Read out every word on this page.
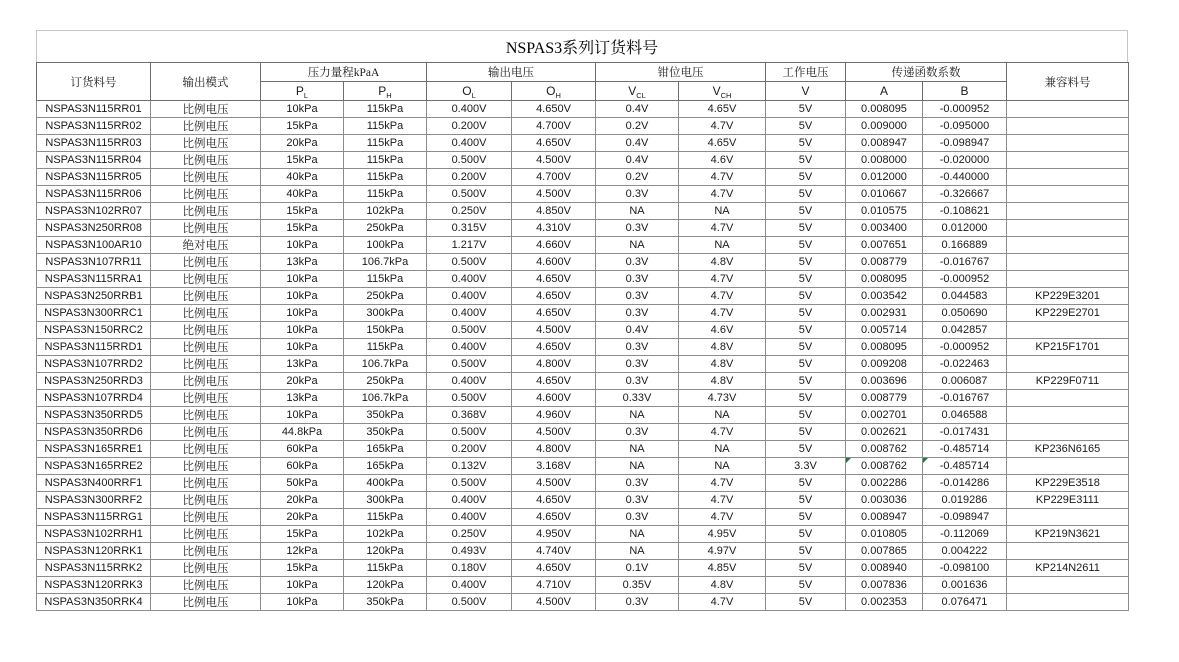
NSPAS3系列订货料号
订货料号	输出模式	压力量程kPaA		输出电压		钳位电压		工作电压	传递函数系数		兼容料号
		$P_L$	$P_H$	$O_L$	$O_H$	$V_{CL}$	$V_{CH}$	V	A	B	
NSPAS3N115RR01	比例电压	10kPa	115kPa	0.400V	4.650V	0.4V	4.65V	5V	0.008095	-0.000952	
NSPAS3N115RR02	比例电压	15kPa	115kPa	0.200V	4.700V	0.2V	4.7V	5V	0.009000	-0.095000	
NSPAS3N115RR03	比例电压	20kPa	115kPa	0.400V	4.650V	0.4V	4.65V	5V	0.008947	-0.098947	
NSPAS3N115RR04	比例电压	15kPa	115kPa	0.500V	4.500V	0.4V	4.6V	5V	0.008000	-0.020000	
NSPAS3N115RR05	比例电压	40kPa	115kPa	0.200V	4.700V	0.2V	4.7V	5V	0.012000	-0.440000	
NSPAS3N115RR06	比例电压	40kPa	115kPa	0.500V	4.500V	0.3V	4.7V	5V	0.010667	-0.326667	
NSPAS3N102RR07	比例电压	15kPa	102kPa	0.250V	4.850V	NA	NA	5V	0.010575	-0.108621	
NSPAS3N250RR08	比例电压	15kPa	250kPa	0.315V	4.310V	0.3V	4.7V	5V	0.003400	0.012000	
NSPAS3N100AR10	绝对电压	10kPa	100kPa	1.217V	4.660V	NA	NA	5V	0.007651	0.166889	
NSPAS3N107RR11	比例电压	13kPa	106.7kPa	0.500V	4.600V	0.3V	4.8V	5V	0.008779	-0.016767	
NSPAS3N115RRA1	比例电压	10kPa	115kPa	0.400V	4.650V	0.3V	4.7V	5V	0.008095	-0.000952	
NSPAS3N250RRB1	比例电压	10kPa	250kPa	0.400V	4.650V	0.3V	4.7V	5V	0.003542	0.044583	KP229E3201
NSPAS3N300RRC1	比例电压	10kPa	300kPa	0.400V	4.650V	0.3V	4.7V	5V	0.002931	0.050690	KP229E2701
NSPAS3N150RRC2	比例电压	10kPa	150kPa	0.500V	4.500V	0.4V	4.6V	5V	0.005714	0.042857	
NSPAS3N115RRD1	比例电压	10kPa	115kPa	0.400V	4.650V	0.3V	4.8V	5V	0.008095	-0.000952	KP215F1701
NSPAS3N107RRD2	比例电压	13kPa	106.7kPa	0.500V	4.800V	0.3V	4.8V	5V	0.009208	-0.022463	
NSPAS3N250RRD3	比例电压	20kPa	250kPa	0.400V	4.650V	0.3V	4.8V	5V	0.003696	0.006087	KP229F0711
NSPAS3N107RRD4	比例电压	13kPa	106.7kPa	0.500V	4.600V	0.33V	4.73V	5V	0.008779	-0.016767	
NSPAS3N350RRD5	比例电压	10kPa	350kPa	0.368V	4.960V	NA	NA	5V	0.002701	0.046588	
NSPAS3N350RRD6	比例电压	44.8kPa	350kPa	0.500V	4.500V	0.3V	4.7V	5V	0.002621	-0.017431	
NSPAS3N165RRE1	比例电压	60kPa	165kPa	0.200V	4.800V	NA	NA	5V	0.008762	-0.485714	KP236N6165
NSPAS3N165RRE2	比例电压	60kPa	165kPa	0.132V	3.168V	NA	NA	3.3V	0.008762	-0.485714	
NSPAS3N400RRF1	比例电压	50kPa	400kPa	0.500V	4.500V	0.3V	4.7V	5V	0.002286	-0.014286	KP229E3518
NSPAS3N300RRF2	比例电压	20kPa	300kPa	0.400V	4.650V	0.3V	4.7V	5V	0.003036	0.019286	KP229E3111
NSPAS3N115RRG1	比例电压	20kPa	115kPa	0.400V	4.650V	0.3V	4.7V	5V	0.008947	-0.098947	
NSPAS3N102RRH1	比例电压	15kPa	102kPa	0.250V	4.950V	NA	4.95V	5V	0.010805	-0.112069	KP219N3621
NSPAS3N120RRK1	比例电压	12kPa	120kPa	0.493V	4.740V	NA	4.97V	5V	0.007865	0.004222	
NSPAS3N115RRK2	比例电压	15kPa	115kPa	0.180V	4.650V	0.1V	4.85V	5V	0.008940	-0.098100	KP214N2611
NSPAS3N120RRK3	比例电压	10kPa	120kPa	0.400V	4.710V	0.35V	4.8V	5V	0.007836	0.001636	
NSPAS3N350RRK4	比例电压	10kPa	350kPa	0.500V	4.500V	0.3V	4.7V	5V	0.002353	0.076471	
